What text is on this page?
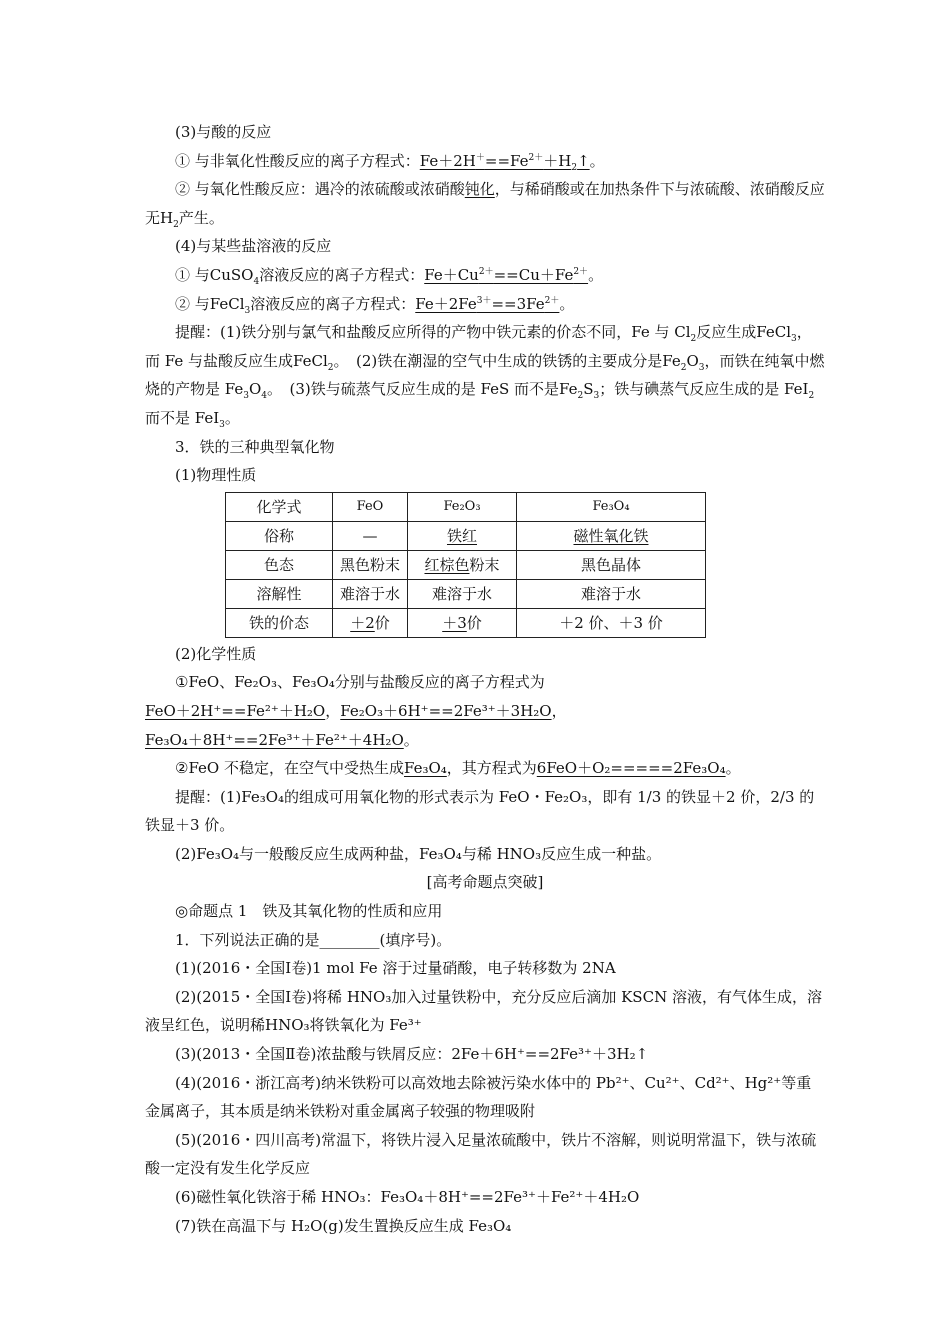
(3)与酸的反应

① 与非氧化性酸反应的离子方程式：$Fe+2H^+==Fe^{2+}+H_2↑$。

② 与氧化性酸反应：遇冷的浓硫酸或浓硝酸钝化，与稀硝酸或在加热条件下与浓硫酸、浓硝酸反应无$H_2$产生。

(4)与某些盐溶液的反应

① 与CuSO$_4$溶液反应的离子方程式：$Fe+Cu^{2+}==Cu+Fe^{2+}$。

② 与FeCl$_3$溶液反应的离子方程式：$Fe+2Fe^{3+}==3Fe^{2+}$。

提醒：(1)铁分别与氯气和盐酸反应所得的产物中铁元素的价态不同，Fe 与 $Cl_2$反应生成FeCl$_3$，而 Fe 与盐酸反应生成FeCl$_2$。　(2)铁在潮湿的空气中生成的铁锈的主要成分是$Fe_2O_3$，而铁在纯氧中燃烧的产物是 $Fe_3O_4$。　(3)铁与硫蒸气反应生成的是 FeS 而不是$Fe_2S_3$；铁与碘蒸气反应生成的是 FeI$_2$而不是 FeI$_3$。

3．铁的三种典型氧化物

(1)物理性质

化学式	FeO	Fe₂O₃	Fe₃O₄
俗称	—	铁红	磁性氧化铁
色态	黑色粉末	红棕色粉末	黑色晶体
溶解性	难溶于水	难溶于水	难溶于水
铁的价态	＋2价	＋3价	＋2 价、＋3 价

(2)化学性质

①FeO、Fe₂O₃、Fe₃O₄分别与盐酸反应的离子方程式为

FeO＋2H⁺==Fe²⁺＋H₂O，Fe₂O₃＋6H⁺==2Fe³⁺＋3H₂O，

Fe₃O₄＋8H⁺==2Fe³⁺＋Fe²⁺＋4H₂O。

②FeO 不稳定，在空气中受热生成Fe₃O₄，其方程式为6FeO＋O₂=====2Fe₃O₄。

提醒：(1)Fe₃O₄的组成可用氧化物的形式表示为 FeO・Fe₂O₃，即有 1/3 的铁显＋2 价，2/3 的铁显＋3 价。

(2)Fe₃O₄与一般酸反应生成两种盐，Fe₃O₄与稀 HNO₃反应生成一种盐。

[高考命题点突破]

◎命题点 1　铁及其氧化物的性质和应用

1．下列说法正确的是________(填序号)。

(1)(2016・全国Ⅰ卷)1 mol Fe 溶于过量硝酸，电子转移数为 2NA

(2)(2015・全国Ⅰ卷)将稀 HNO₃加入过量铁粉中，充分反应后滴加 KSCN 溶液，有气体生成，溶液呈红色，说明稀HNO₃将铁氧化为 Fe³⁺

(3)(2013・全国Ⅱ卷)浓盐酸与铁屑反应：2Fe＋6H⁺==2Fe³⁺＋3H₂↑

(4)(2016・浙江高考)纳米铁粉可以高效地去除被污染水体中的 Pb²⁺、Cu²⁺、Cd²⁺、Hg²⁺等重金属离子，其本质是纳米铁粉对重金属离子较强的物理吸附

(5)(2016・四川高考)常温下，将铁片浸入足量浓硫酸中，铁片不溶解，则说明常温下，铁与浓硫酸一定没有发生化学反应

(6)磁性氧化铁溶于稀 HNO₃：Fe₃O₄＋8H⁺==2Fe³⁺＋Fe²⁺＋4H₂O

(7)铁在高温下与 H₂O(g)发生置换反应生成 Fe₃O₄
